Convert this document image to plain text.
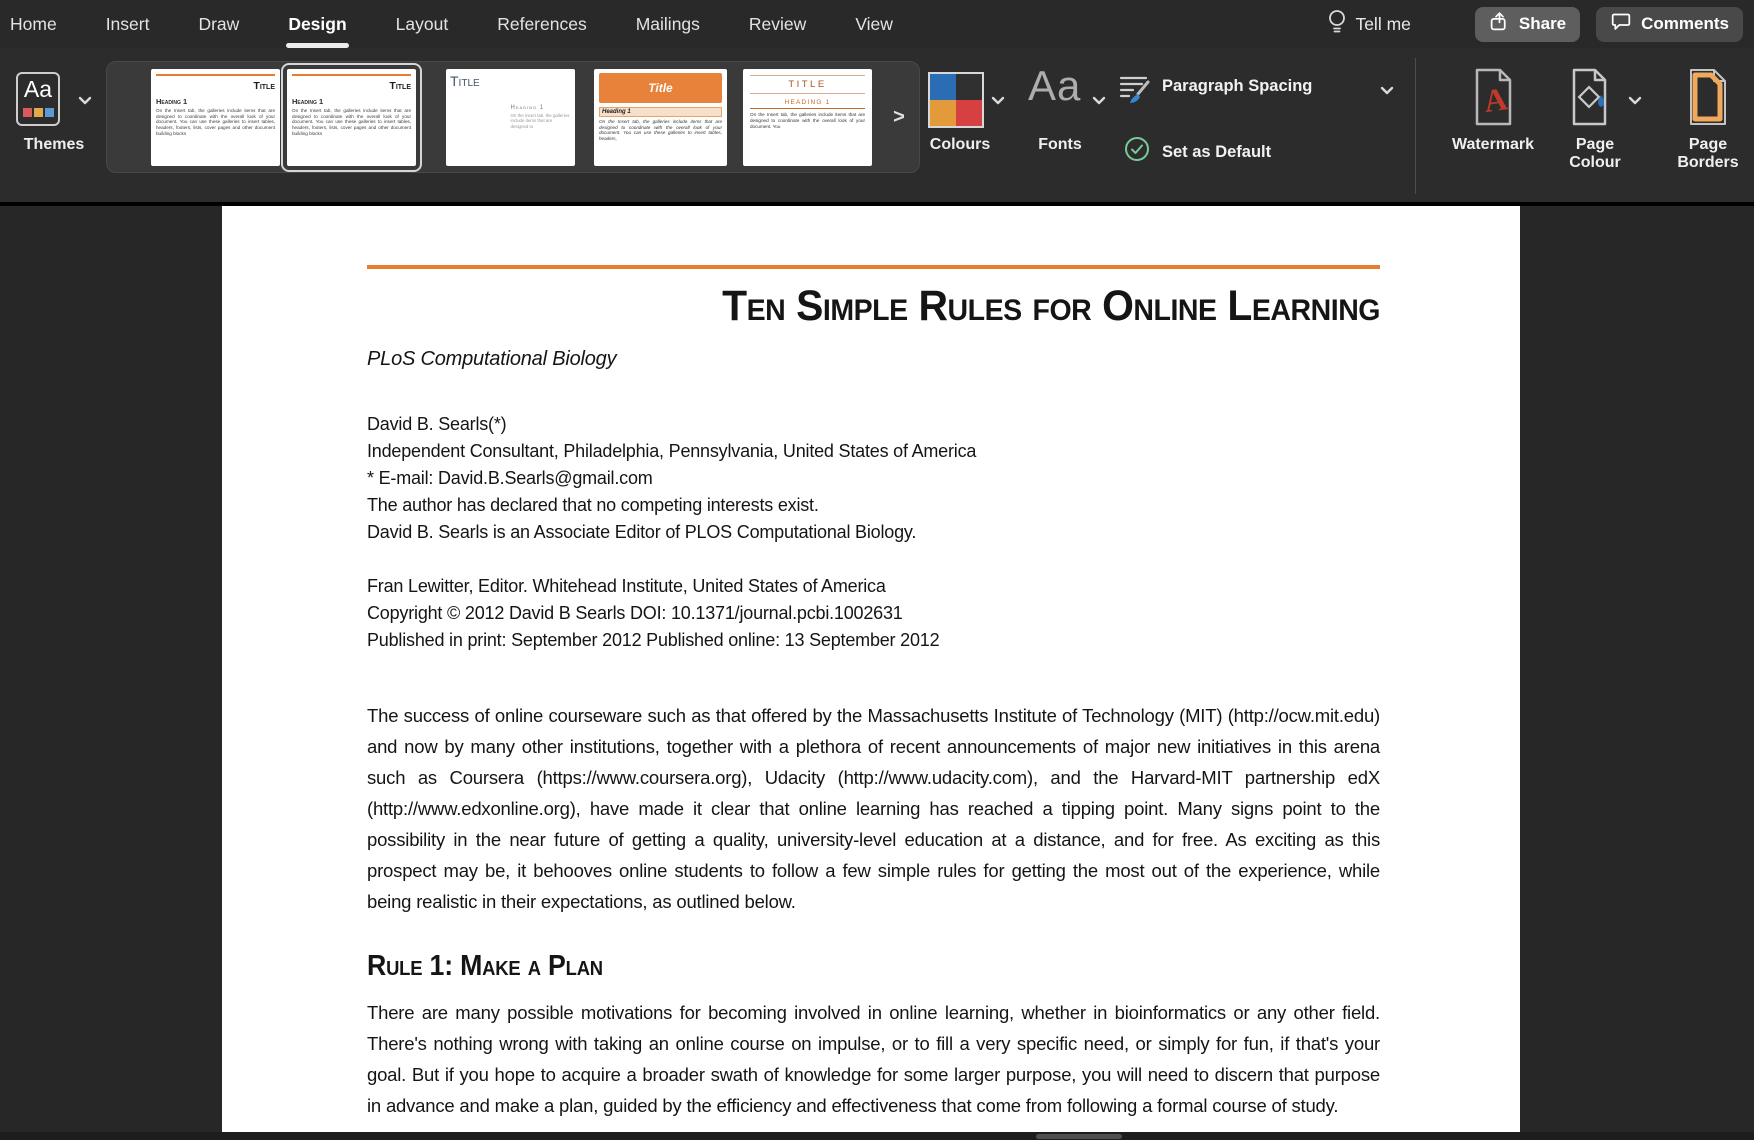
Home	Insert	Draw	Design	Layout	References	Mailings	Review	View	Tell me	Share	Comments
Aa
Themes
Title
Heading 1
On the Insert tab, the galleries include items that are designed to coordinate with the overall look of your document. You can use these galleries to insert tables, headers, footers, lists, cover pages and other document building blocks
Title
Heading 1
On the Insert tab, the galleries include items that are designed to coordinate with the overall look of your document. You can use these galleries to insert tables, headers, footers, lists, cover pages and other document building blocks
Title
Heading 1
On the Insert tab, the galleries include items that are designed to
Title
Heading 1
On the Insert tab, the galleries include items that are designed to coordinate with the overall look of your document. You can use these galleries to insert tables, headers,
TITLE
HEADING 1
On the Insert tab, the galleries include items that are designed to coordinate with the overall look of your document. You	>
Colours
Aa
Fonts
Paragraph Spacing
Set as Default
A
Watermark	Page
Colour
Page
Borders
Ten Simple Rules for Online Learning
PLoS Computational Biology
David B. Searls(*)
Independent Consultant, Philadelphia, Pennsylvania, United States of America
* E-mail: David.B.Searls@gmail.com
The author has declared that no competing interests exist.
David B. Searls is an Associate Editor of PLOS Computational Biology.
Fran Lewitter, Editor. Whitehead Institute, United States of America
Copyright © 2012 David B Searls DOI: 10.1371/journal.pcbi.1002631
Published in print: September 2012 Published online: 13 September 2012
The success of online courseware such as that offered by the Massachusetts Institute of Technology (MIT) (http://ocw.mit.edu) and now by many other institutions, together with a plethora of recent announcements of major new initiatives in this arena such as Coursera (https://www.coursera.org), Udacity (http://www.udacity.com), and the Harvard-MIT partnership edX (http://www.edxonline.org), have made it clear that online learning has reached a tipping point. Many signs point to the possibility in the near future of getting a quality, university-level education at a distance, and for free. As exciting as this prospect may be, it behooves online students to follow a few simple rules for getting the most out of the experience, while being realistic in their expectations, as outlined below.
Rule 1: Make a Plan
There are many possible motivations for becoming involved in online learning, whether in bioinformatics or any other field. There's nothing wrong with taking an online course on impulse, or to fill a very specific need, or simply for fun, if that's your goal. But if you hope to acquire a broader swath of knowledge for some larger purpose, you will need to discern that purpose in advance and make a plan, guided by the efficiency and effectiveness that come from following a formal course of study.
